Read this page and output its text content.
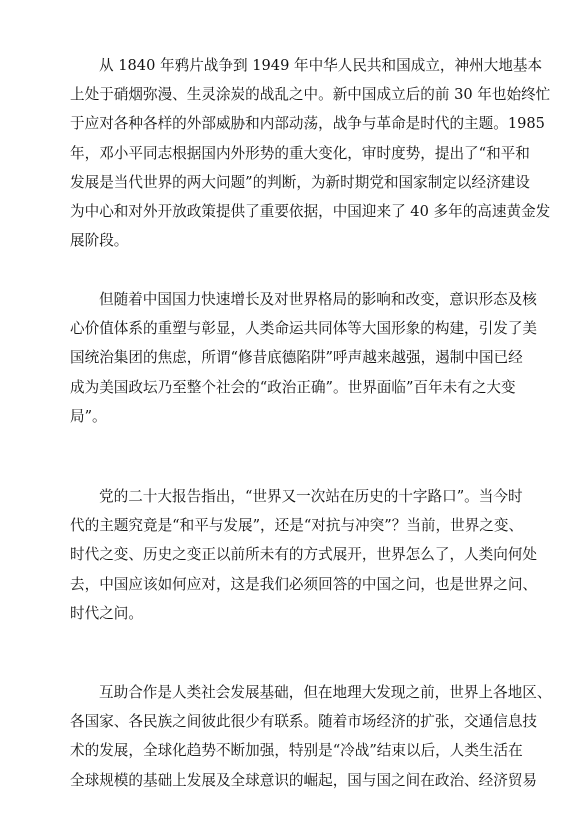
从 1840 年鸦片战争到 1949 年中华人民共和国成立，神州大地基本
上处于硝烟弥漫、生灵涂炭的战乱之中。新中国成立后的前 30 年也始终忙
于应对各种各样的外部威胁和内部动荡，战争与革命是时代的主题。1985
年，邓小平同志根据国内外形势的重大变化，审时度势，提出了“和平和
发展是当代世界的两大问题”的判断，为新时期党和国家制定以经济建设
为中心和对外开放政策提供了重要依据，中国迎来了 40 多年的高速黄金发
展阶段。

但随着中国国力快速增长及对世界格局的影响和改变，意识形态及核
心价值体系的重塑与彰显，人类命运共同体等大国形象的构建，引发了美
国统治集团的焦虑，所谓“修昔底德陷阱”呼声越来越强，遏制中国已经
成为美国政坛乃至整个社会的“政治正确”。世界面临”百年未有之大变
局”。

党的二十大报告指出，“世界又一次站在历史的十字路口”。当今时
代的主题究竟是“和平与发展”，还是“对抗与冲突”？当前，世界之变、
时代之变、历史之变正以前所未有的方式展开，世界怎么了，人类向何处
去，中国应该如何应对，这是我们必须回答的中国之问，也是世界之问、
时代之问。

互助合作是人类社会发展基础，但在地理大发现之前，世界上各地区、
各国家、各民族之间彼此很少有联系。随着市场经济的扩张，交通信息技
术的发展，全球化趋势不断加强，特别是“冷战”结束以后，人类生活在
全球规模的基础上发展及全球意识的崛起，国与国之间在政治、经济贸易
